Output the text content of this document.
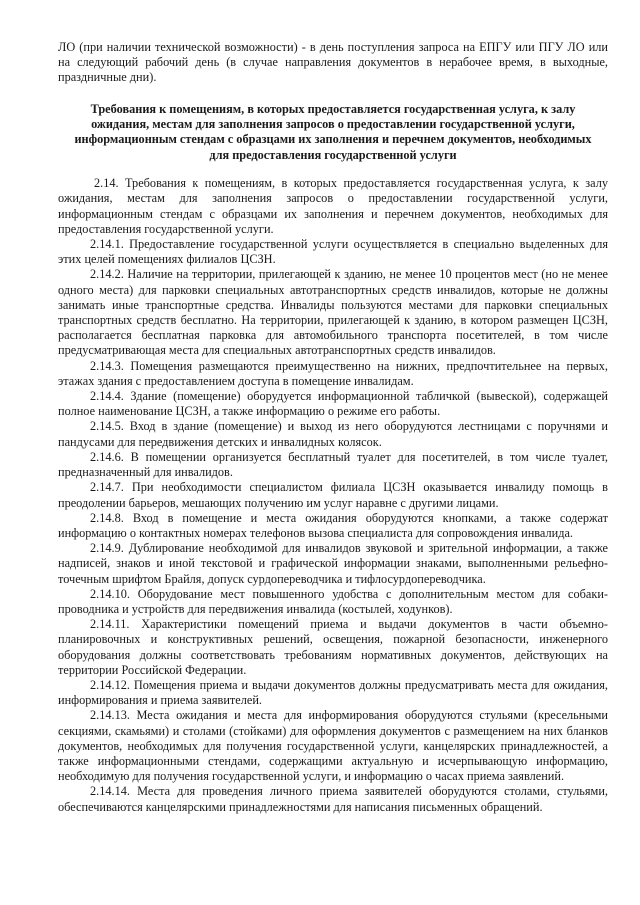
ЛО (при наличии технической возможности) - в день поступления запроса на ЕПГУ или ПГУ ЛО или на следующий рабочий день (в случае направления документов в нерабочее время, в выходные, праздничные дни).

Требования к помещениям, в которых предоставляется государственная услуга, к залу ожидания, местам для заполнения запросов о предоставлении государственной услуги, информационным стендам с образцами их заполнения и перечнем документов, необходимых для предоставления государственной услуги

2.14. Требования к помещениям, в которых предоставляется государственная услуга, к залу ожидания, местам для заполнения запросов о предоставлении государственной услуги, информационным стендам с образцами их заполнения и перечнем документов, необходимых для предоставления государственной услуги.

2.14.1. Предоставление государственной услуги осуществляется в специально выделенных для этих целей помещениях филиалов ЦСЗН.

2.14.2. Наличие на территории, прилегающей к зданию, не менее 10 процентов мест (но не менее одного места) для парковки специальных автотранспортных средств инвалидов, которые не должны занимать иные транспортные средства. Инвалиды пользуются местами для парковки специальных транспортных средств бесплатно. На территории, прилегающей к зданию, в котором размещен ЦСЗН, располагается бесплатная парковка для автомобильного транспорта посетителей, в том числе предусматривающая места для специальных автотранспортных средств инвалидов.

2.14.3. Помещения размещаются преимущественно на нижних, предпочтительнее на первых, этажах здания с предоставлением доступа в помещение инвалидам.

2.14.4. Здание (помещение) оборудуется информационной табличкой (вывеской), содержащей полное наименование ЦСЗН, а также информацию о режиме его работы.

2.14.5. Вход в здание (помещение) и выход из него оборудуются лестницами с поручнями и пандусами для передвижения детских и инвалидных колясок.

2.14.6. В помещении организуется бесплатный туалет для посетителей, в том числе туалет, предназначенный для инвалидов.

2.14.7. При необходимости специалистом филиала ЦСЗН оказывается инвалиду помощь в преодолении барьеров, мешающих получению им услуг наравне с другими лицами.

2.14.8. Вход в помещение и места ожидания оборудуются кнопками, а также содержат информацию о контактных номерах телефонов вызова специалиста для сопровождения инвалида.

2.14.9. Дублирование необходимой для инвалидов звуковой и зрительной информации, а также надписей, знаков и иной текстовой и графической информации знаками, выполненными рельефно-точечным шрифтом Брайля, допуск сурдопереводчика и тифлосурдопереводчика.

2.14.10. Оборудование мест повышенного удобства с дополнительным местом для собаки-проводника и устройств для передвижения инвалида (костылей, ходунков).

2.14.11. Характеристики помещений приема и выдачи документов в части объемно-планировочных и конструктивных решений, освещения, пожарной безопасности, инженерного оборудования должны соответствовать требованиям нормативных документов, действующих на территории Российской Федерации.

2.14.12. Помещения приема и выдачи документов должны предусматривать места для ожидания, информирования и приема заявителей.

2.14.13. Места ожидания и места для информирования оборудуются стульями (кресельными секциями, скамьями) и столами (стойками) для оформления документов с размещением на них бланков документов, необходимых для получения государственной услуги, канцелярских принадлежностей, а также информационными стендами, содержащими актуальную и исчерпывающую информацию, необходимую для получения государственной услуги, и информацию о часах приема заявлений.

2.14.14. Места для проведения личного приема заявителей оборудуются столами, стульями, обеспечиваются канцелярскими принадлежностями для написания письменных обращений.
